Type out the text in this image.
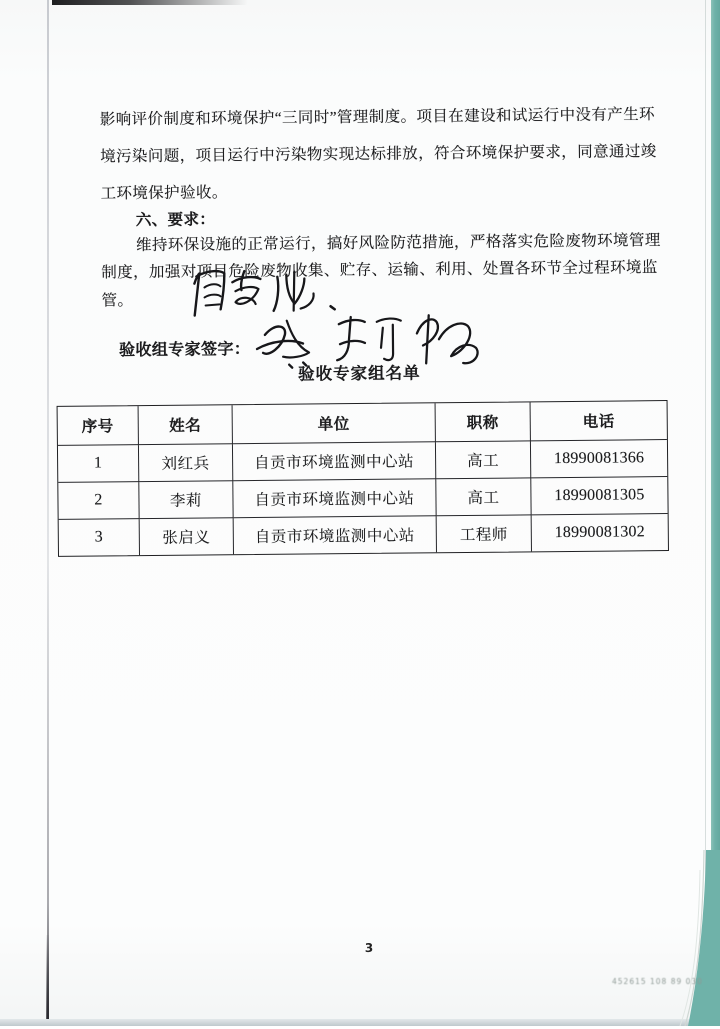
影响评价制度和环境保护“三同时”管理制度。项目在建设和试运行中没有产生环
境污染问题，项目运行中污染物实现达标排放，符合环境保护要求，同意通过竣
工环境保护验收。
六、要求：
维持环保设施的正常运行，搞好风险防范措施，严格落实危险废物环境管理
制度，加强对项目危险废物收集、贮存、运输、利用、处置各环节全过程环境监
管。
验收组专家签字：
验收专家组名单
序号	姓名	单位	职称	电话
1	刘红兵	自贡市环境监测中心站	高工	18990081366
2	李莉	自贡市环境监测中心站	高工	18990081305
3	张启义	自贡市环境监测中心站	工程师	18990081302
3
452615 108 89 030
